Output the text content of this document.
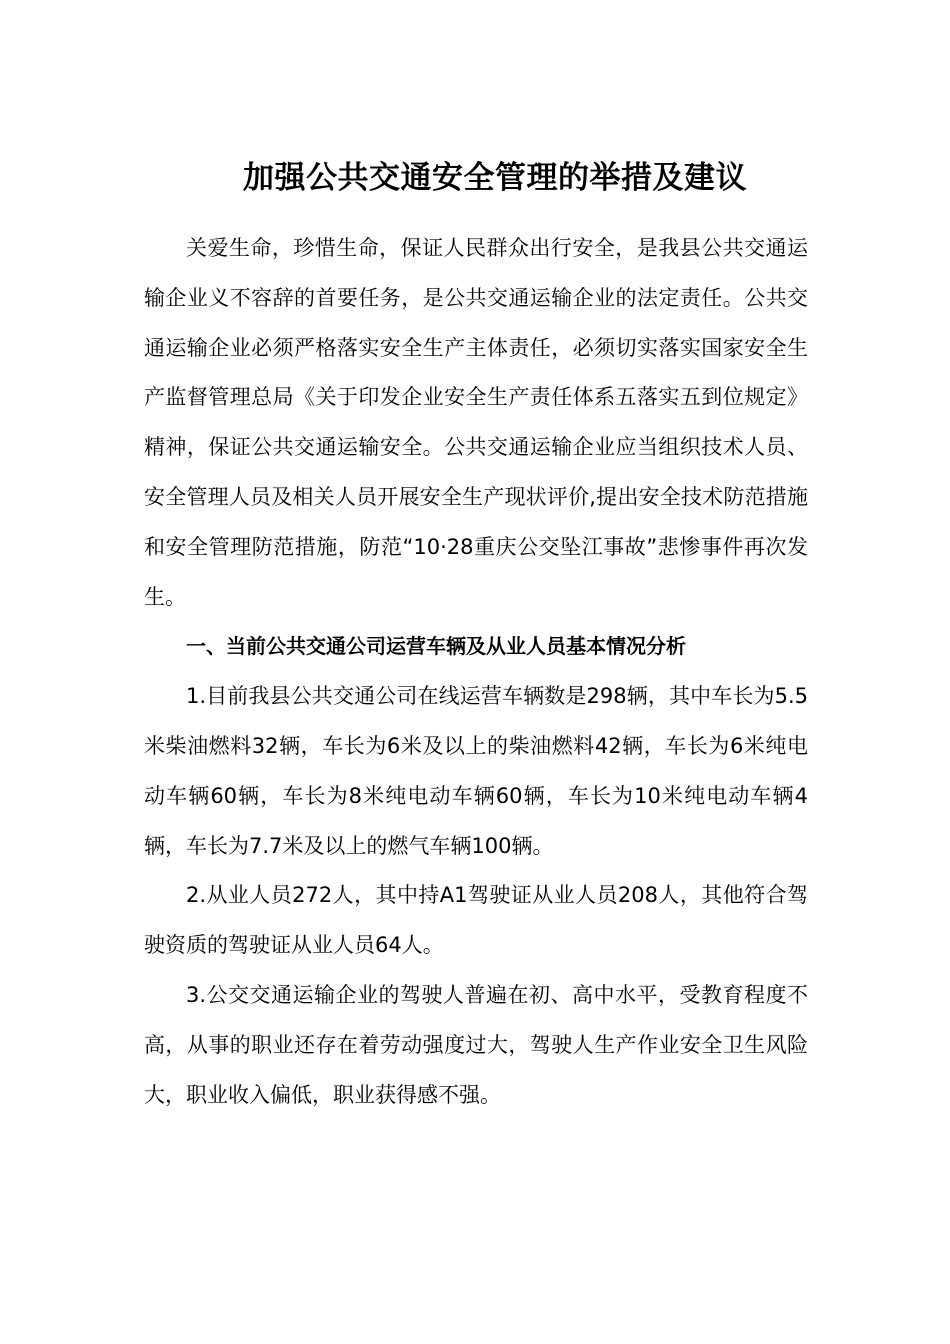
加强公共交通安全管理的举措及建议

关爱生命，珍惜生命，保证人民群众出行安全，是我县公共交通运输企业义不容辞的首要任务，是公共交通运输企业的法定责任。公共交通运输企业必须严格落实安全生产主体责任，必须切实落实国家安全生产监督管理总局《关于印发企业安全生产责任体系五落实五到位规定》精神，保证公共交通运输安全。公共交通运输企业应当组织技术人员、安全管理人员及相关人员开展安全生产现状评价,提出安全技术防范措施和安全管理防范措施，防范“10·28重庆公交坠江事故”悲惨事件再次发生。

一、当前公共交通公司运营车辆及从业人员基本情况分析

1.目前我县公共交通公司在线运营车辆数是298辆，其中车长为5.5米柴油燃料32辆，车长为6米及以上的柴油燃料42辆，车长为6米纯电动车辆60辆，车长为8米纯电动车辆60辆，车长为10米纯电动车辆4辆，车长为7.7米及以上的燃气车辆100辆。

2.从业人员272人，其中持A1驾驶证从业人员208人，其他符合驾驶资质的驾驶证从业人员64人。

3.公交交通运输企业的驾驶人普遍在初、高中水平，受教育程度不高，从事的职业还存在着劳动强度过大，驾驶人生产作业安全卫生风险大，职业收入偏低，职业获得感不强。
